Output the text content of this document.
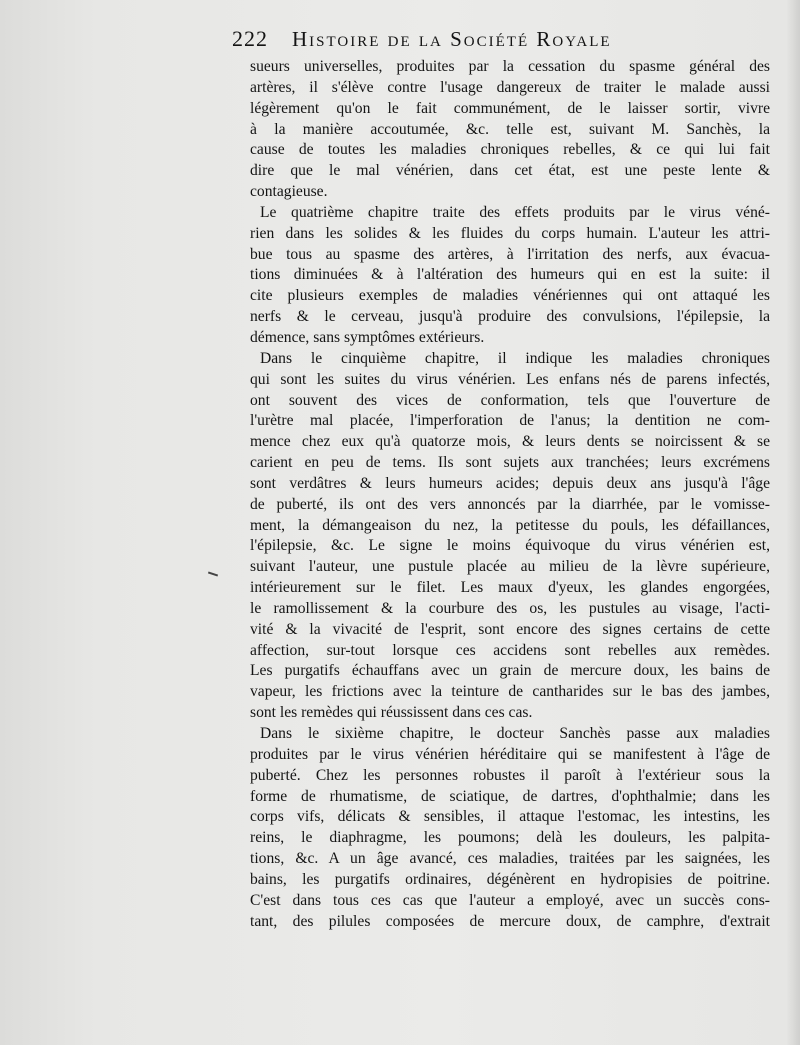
222 Histoire de la Société Royale
sueurs universelles, produites par la cessation du spasme général des
artères, il s'élève contre l'usage dangereux de traiter le malade aussi
légèrement qu'on le fait communément, de le laisser sortir, vivre
à la manière accoutumée, &c. telle est, suivant M. Sanchès, la
cause de toutes les maladies chroniques rebelles, & ce qui lui fait
dire que le mal vénérien, dans cet état, est une peste lente &
contagieuse.
Le quatrième chapitre traite des effets produits par le virus véné-
rien dans les solides & les fluides du corps humain. L'auteur les attri-
bue tous au spasme des artères, à l'irritation des nerfs, aux évacua-
tions diminuées & à l'altération des humeurs qui en est la suite: il
cite plusieurs exemples de maladies vénériennes qui ont attaqué les
nerfs & le cerveau, jusqu'à produire des convulsions, l'épilepsie, la
démence, sans symptômes extérieurs.
Dans le cinquième chapitre, il indique les maladies chroniques
qui sont les suites du virus vénérien. Les enfans nés de parens infectés,
ont souvent des vices de conformation, tels que l'ouverture de
l'urètre mal placée, l'imperforation de l'anus; la dentition ne com-
mence chez eux qu'à quatorze mois, & leurs dents se noircissent & se
carient en peu de tems. Ils sont sujets aux tranchées; leurs excrémens
sont verdâtres & leurs humeurs acides; depuis deux ans jusqu'à l'âge
de puberté, ils ont des vers annoncés par la diarrhée, par le vomisse-
ment, la démangeaison du nez, la petitesse du pouls, les défaillances,
l'épilepsie, &c. Le signe le moins équivoque du virus vénérien est,
suivant l'auteur, une pustule placée au milieu de la lèvre supérieure,
intérieurement sur le filet. Les maux d'yeux, les glandes engorgées,
le ramollissement & la courbure des os, les pustules au visage, l'acti-
vité & la vivacité de l'esprit, sont encore des signes certains de cette
affection, sur-tout lorsque ces accidens sont rebelles aux remèdes.
Les purgatifs échauffans avec un grain de mercure doux, les bains de
vapeur, les frictions avec la teinture de cantharides sur le bas des jambes,
sont les remèdes qui réussissent dans ces cas.
Dans le sixième chapitre, le docteur Sanchès passe aux maladies
produites par le virus vénérien héréditaire qui se manifestent à l'âge de
puberté. Chez les personnes robustes il paroît à l'extérieur sous la
forme de rhumatisme, de sciatique, de dartres, d'ophthalmie; dans les
corps vifs, délicats & sensibles, il attaque l'estomac, les intestins, les
reins, le diaphragme, les poumons; delà les douleurs, les palpita-
tions, &c. A un âge avancé, ces maladies, traitées par les saignées, les
bains, les purgatifs ordinaires, dégénèrent en hydropisies de poitrine.
C'est dans tous ces cas que l'auteur a employé, avec un succès cons-
tant, des pilules composées de mercure doux, de camphre, d'extrait
